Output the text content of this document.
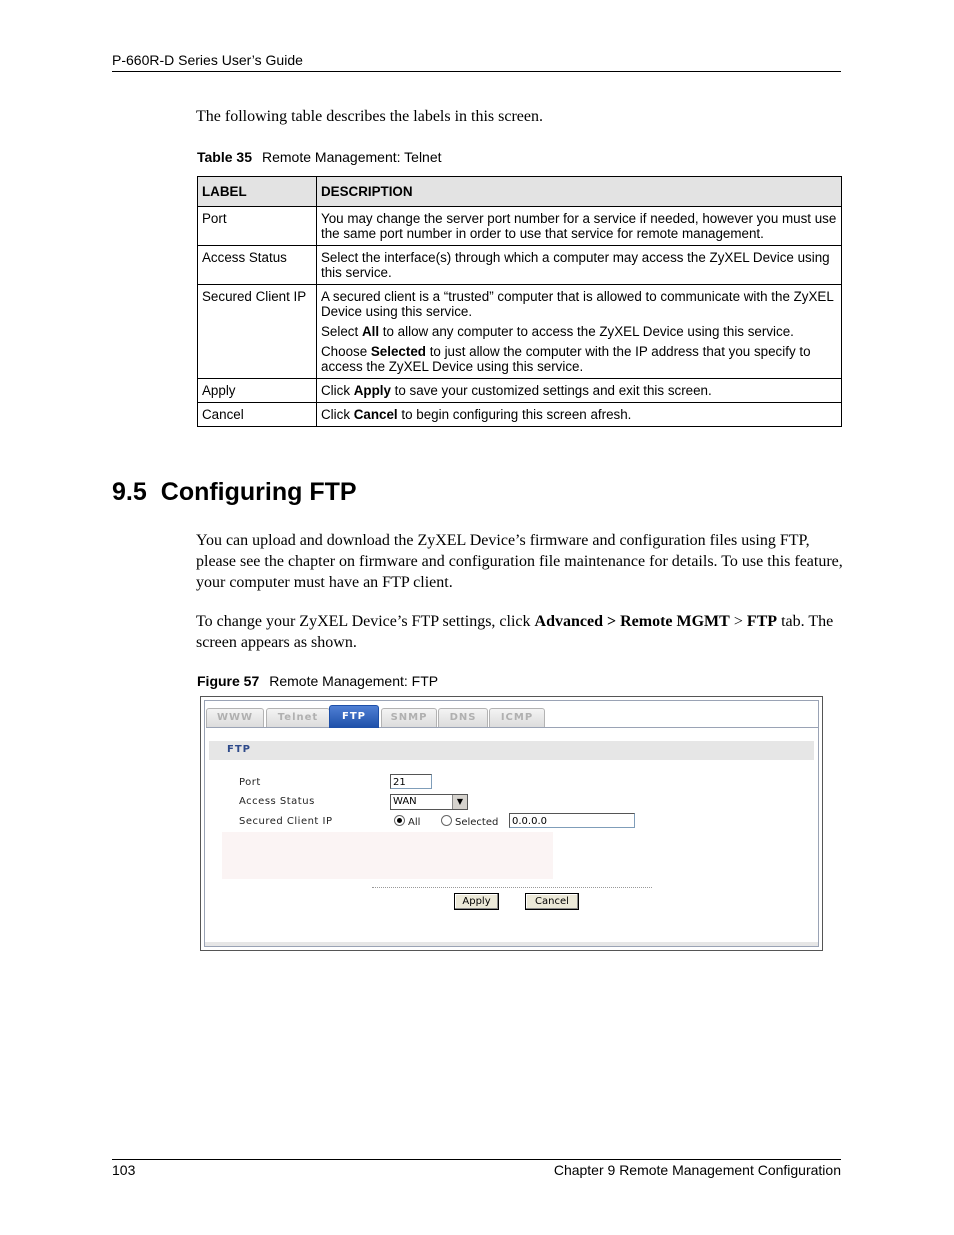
P-660R-D Series User’s Guide
The following table describes the labels in this screen.
Table 35 Remote Management: Telnet
LABEL	DESCRIPTION
Port	You may change the server port number for a service if needed, however you must use the same port number in order to use that service for remote management.
Access Status	Select the interface(s) through which a computer may access the ZyXEL Device using this service.
Secured Client IP	A secured client is a “trusted” computer that is allowed to communicate with the ZyXEL Device using this service.

Select All to allow any computer to access the ZyXEL Device using this service.

Choose Selected to just allow the computer with the IP address that you specify to access the ZyXEL Device using this service.

Apply	Click Apply to save your customized settings and exit this screen.
Cancel	Click Cancel to begin configuring this screen afresh.
9.5 Configuring FTP
You can upload and download the ZyXEL Device’s firmware and configuration files using FTP, please see the chapter on firmware and configuration file maintenance for details. To use this feature, your computer must have an FTP client.
To change your ZyXEL Device’s FTP settings, click Advanced > Remote MGMT > FTP tab. The screen appears as shown.
Figure 57 Remote Management: FTP
WWW	Telnet	FTP	SNMP	DNS	ICMP
FTP
Port	21
Access Status	WAN	▼
Secured Client IP	All	Selected	0.0.0.0
Apply	Cancel
103	Chapter 9 Remote Management Configuration
